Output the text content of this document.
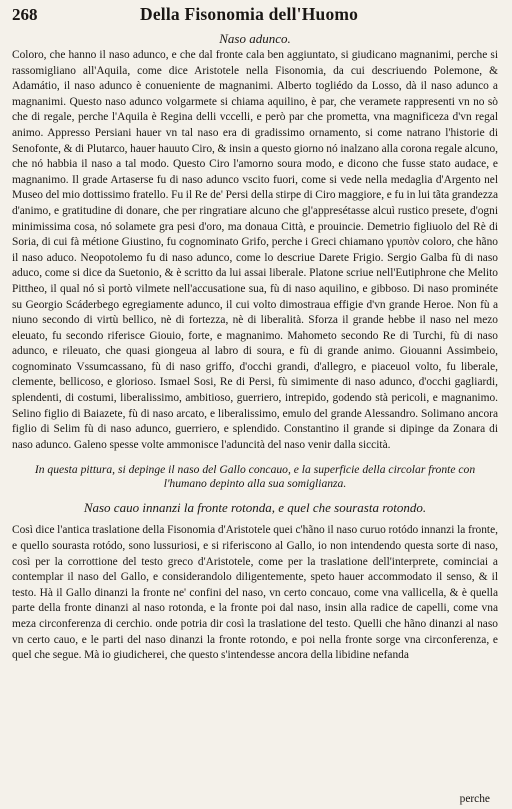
268	Della Fisonomia dell'Huomo
Naso adunco.

Coloro, che hanno il naso adunco, e che dal fronte cala ben aggiuntato, si giudicano magnanimi, perche si rassomigliano all'Aquila, come dice Aristotele nella Fisonomia, da cui descriuendo Polemone, & Adamátio, il naso adunco è conueniente de magnanimi. Alberto togliédo da Losso, dà il naso adunco a magnanimi. Questo naso adunco volgarmete si chiama aquilino, è par, che veramete rappresenti vn no sò che di regale, perche l'Aquila è Regina delli vccelli, e però par che prometta, vna magnificeza d'vn regal animo. Appresso Persiani hauer vn tal naso era di gradissimo ornamento, si come natrano l'historie di Senofonte, & di Plutarco, hauer hauuto Ciro, & insin a questo giorno nó inalzano alla corona regale alcuno, che nó habbia il naso a tal modo. Questo Ciro l'amorno soura modo, e dicono che fusse stato audace, e magnanimo. Il grade Artaserse fu di naso adunco vscito fuori, come si vede nella medaglia d'Argento nel Museo del mio dottissimo fratello. Fu il Re de' Persi della stirpe di Ciro maggiore, e fu in lui tãta grandezza d'animo, e gratitudine di donare, che per ringratiare alcuno che gl'appresétasse alcuì rustico presete, d'ogni minimissima cosa, nó solamete gra pesi d'oro, ma donaua Città, e prouincie. Demetrio figliuolo del Rè di Soria, di cui fà métione Giustino, fu cognominato Grifo, perche i Greci chiamano γρυπὸν coloro, che hãno il naso aduco. Neopotolemo fu di naso adunco, come lo descriue Darete Frigio. Sergio Galba fù di naso aduco, come si dice da Suetonio, & è scritto da lui assai liberale. Platone scriue nell'Eutiphrone che Melito Pittheo, il qual nó sì portò vilmete nell'accusatione sua, fù di naso aquilino, e gibboso. Di naso prominéte su Georgio Scáderbego egregiamente adunco, il cui volto dimostraua effigie d'vn grande Heroe. Non fù a niuno secondo di virtù bellico, nè di fortezza, nè di liberalità. Sforza il grande hebbe il naso nel mezo eleuato, fu secondo riferisce Giouio, forte, e magnanimo. Mahometo secondo Re di Turchi, fù di naso adunco, e rileuato, che quasi giongeua al labro di soura, e fù di grande animo. Giouanni Assimbeio, cognominato Vssumcassano, fù di naso griffo, d'occhi grandi, d'allegro, e piaceuol volto, fu liberale, clemente, bellicoso, e glorioso. Ismael Sosi, Re di Persi, fù simimente di naso adunco, d'occhi gagliardi, splendenti, di costumi, liberalissimo, ambitioso, guerriero, intrepido, godendo stà pericoli, e magnanimo. Selino figlio di Baiazete, fù di naso arcato, e liberalissimo, emulo del grande Alessandro. Solimano ancora figlio di Selim fù di naso adunco, guerriero, e splendido. Constantino il grande si dipinge da Zonara di naso adunco. Galeno spesse volte ammonisce l'aduncità del naso venir dalla siccità.

In questa pittura, si depinge il naso del Gallo concauo, e la superficie della circolar fronte con
l'humano depinto alla sua somiglianza.
Naso cauo innanzi la fronte rotonda, e quel che sourasta rotondo.

Così dice l'antica traslatione della Fisonomia d'Aristotele quei c'hãno il naso curuo rotódo innanzi la fronte, e quello sourasta rotódo, sono lussuriosi, e si riferiscono al Gallo, io non intendendo questa sorte di naso, così per la corrottione del testo greco d'Aristotele, come per la traslatione dell'interprete, cominciai a contemplar il naso del Gallo, e considerandolo diligentemente, speto hauer accommodato il senso, & il testo. Hà il Gallo dinanzi la fronte ne' confini del naso, vn certo concauo, come vna vallicella, & è quella parte della fronte dinanzi al naso rotonda, e la fronte poi dal naso, insin alla radice de capelli, come vna meza circonferenza di cerchio. onde potria dir così la traslatione del testo. Quelli che hãno dinanzi al naso vn certo cauo, e le parti del naso dinanzi la fronte rotondo, e poi nella fronte sorge vna circonferenza, e quel che segue. Mà io giudicherei, che questo s'intendesse ancora della libidine nefanda

perche
